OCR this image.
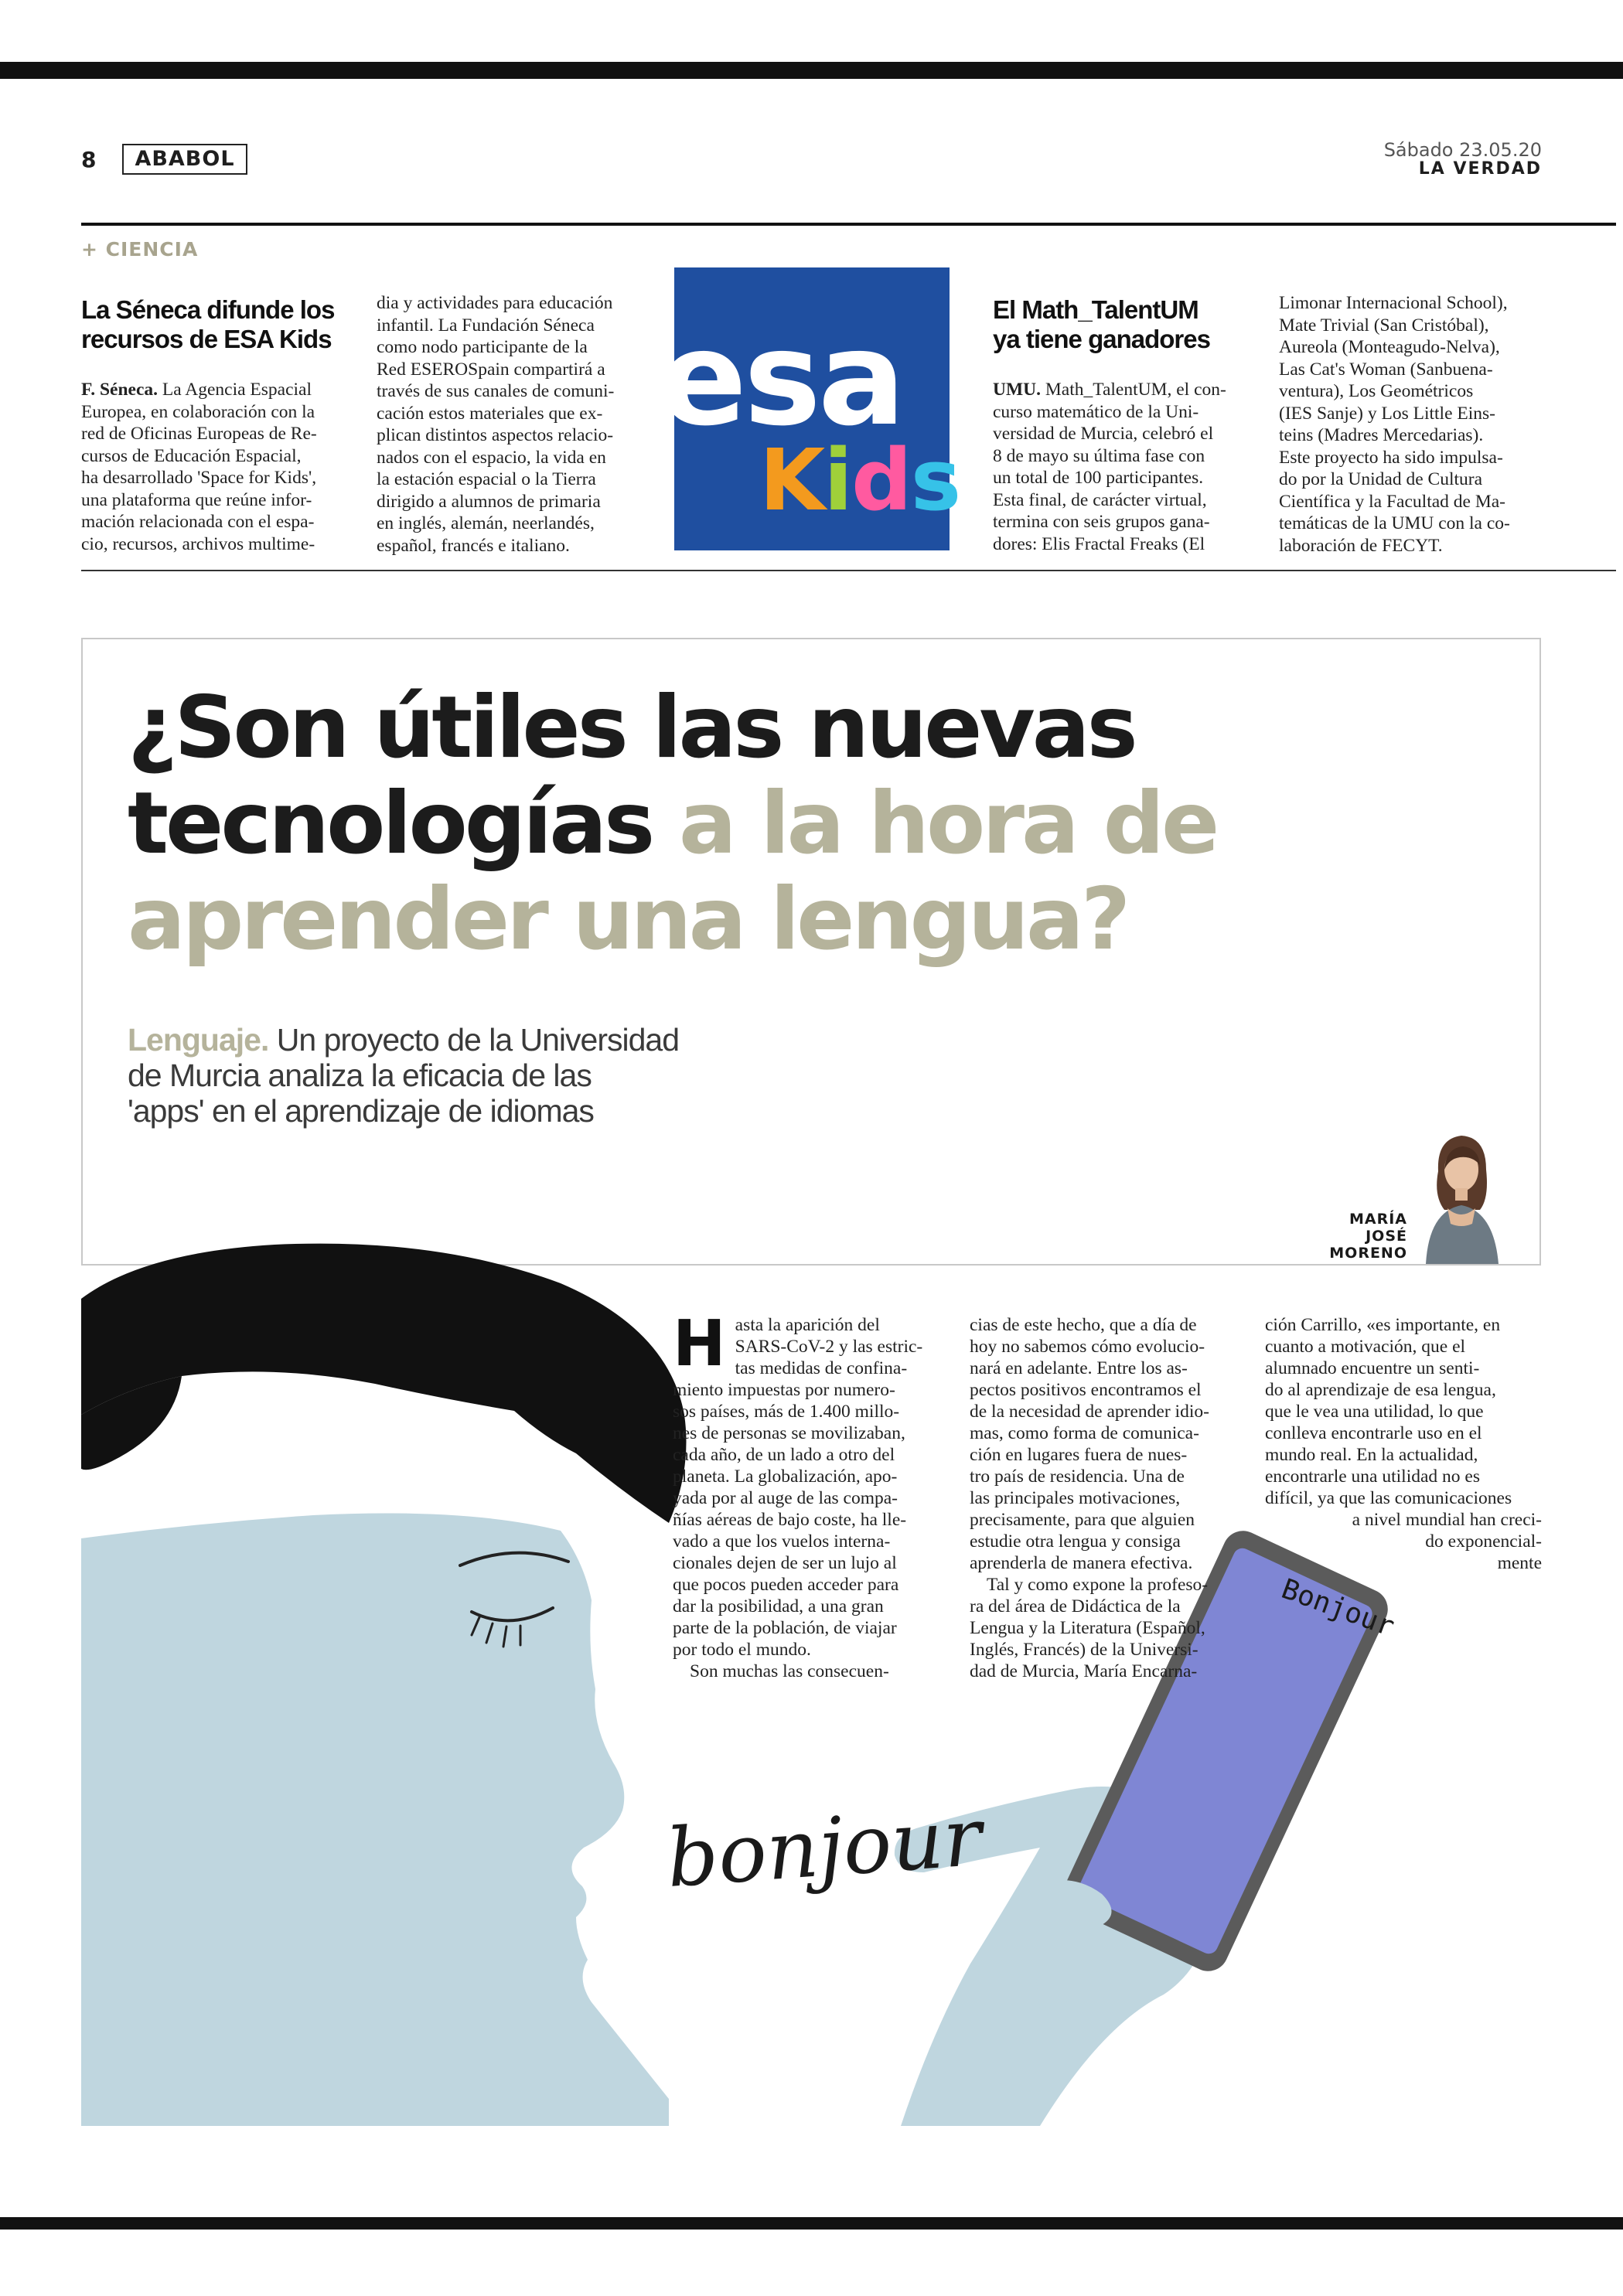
8	ABABOL	Sábado 23.05.20
LA VERDAD
+ CIENCIA
La Séneca difunde los
recursos de ESA Kids
F. Séneca. La Agencia Espacial
Europea, en colaboración con la
red de Oficinas Europeas de Re-
cursos de Educación Espacial,
ha desarrollado 'Space for Kids',
una plataforma que reúne infor-
mación relacionada con el espa-
cio, recursos, archivos multime-
dia y actividades para educación
infantil. La Fundación Séneca
como nodo participante de la
Red ESEROSpain compartirá a
través de sus canales de comuni-
cación estos materiales que ex-
plican distintos aspectos relacio-
nados con el espacio, la vida en
la estación espacial o la Tierra
dirigido a alumnos de primaria
en inglés, alemán, neerlandés,
español, francés e italiano.
esa
Kids
El Math_TalentUM
ya tiene ganadores
UMU. Math_TalentUM, el con-
curso matemático de la Uni-
versidad de Murcia, celebró el
8 de mayo su última fase con
un total de 100 participantes.
Esta final, de carácter virtual,
termina con seis grupos gana-
dores: Elis Fractal Freaks (El
Limonar Internacional School),
Mate Trivial (San Cristóbal),
Aureola (Monteagudo-Nelva),
Las Cat's Woman (Sanbuena-
ventura), Los Geométricos
(IES Sanje) y Los Little Eins-
teins (Madres Mercedarias).
Este proyecto ha sido impulsa-
do por la Unidad de Cultura
Científica y la Facultad de Ma-
temáticas de la UMU con la co-
laboración de FECYT.
¿Son útiles las nuevas
tecnologías a la hora de
aprender una lengua?
Lenguaje. Un proyecto de la Universidad
de Murcia analiza la eficacia de las
'apps' en el aprendizaje de idiomas
MARÍA
JOSÉ
MORENO
bonjour
Bonjour
H asta la aparición del

SARS-CoV-2 y las estric-

tas medidas de confina-

miento impuestas por numero-

sos países, más de 1.400 millo-

nes de personas se movilizaban,

cada año, de un lado a otro del

planeta. La globalización, apo-

yada por al auge de las compa-

ñías aéreas de bajo coste, ha lle-

vado a que los vuelos interna-

cionales dejen de ser un lujo al

que pocos pueden acceder para

dar la posibilidad, a una gran

parte de la población, de viajar

por todo el mundo.

Son muchas las consecuen-

cias de este hecho, que a día de

hoy no sabemos cómo evolucio-

nará en adelante. Entre los as-

pectos positivos encontramos el

de la necesidad de aprender idio-

mas, como forma de comunica-

ción en lugares fuera de nues-

tro país de residencia. Una de

las principales motivaciones,

precisamente, para que alguien

estudie otra lengua y consiga

aprenderla de manera efectiva.

Tal y como expone la profeso-

ra del área de Didáctica de la

Lengua y la Literatura (Español,

Inglés, Francés) de la Universi-

dad de Murcia, María Encarna-

ción Carrillo, «es importante, en

cuanto a motivación, que el

alumnado encuentre un senti-

do al aprendizaje de esa lengua,

que le vea una utilidad, lo que

conlleva encontrarle uso en el

mundo real. En la actualidad,

encontrarle una utilidad no es

difícil, ya que las comunicaciones

a nivel mundial han creci-

do exponencial-

mente
